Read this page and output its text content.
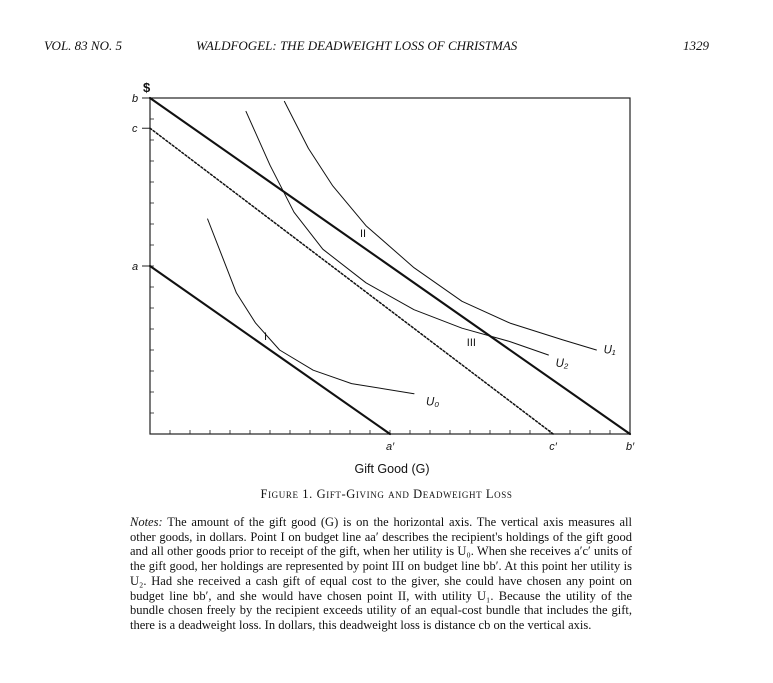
VOL. 83 NO. 5	WALDFOGEL: THE DEADWEIGHT LOSS OF CHRISTMAS	1329
b
c
a
a′	c′	b′
$
Gift Good (G)
I
II
III
U₀
U₁
U₂
Figure 1. Gift-Giving and Deadweight Loss
Notes: The amount of the gift good (G) is on the horizontal axis. The vertical axis measures all other goods, in dollars. Point I on budget line aa′ describes the recipient's holdings of the gift good and all other goods prior to receipt of the gift, when her utility is U₀. When she receives a′c′ units of the gift good, her holdings are represented by point III on budget line bb′. At this point her utility is U₂. Had she received a cash gift of equal cost to the giver, she could have chosen any point on budget line bb′, and she would have chosen point II, with utility U₁. Because the utility of the bundle chosen freely by the recipient exceeds utility of an equal-cost bundle that includes the gift, there is a deadweight loss. In dollars, this deadweight loss is distance cb on the vertical axis.
